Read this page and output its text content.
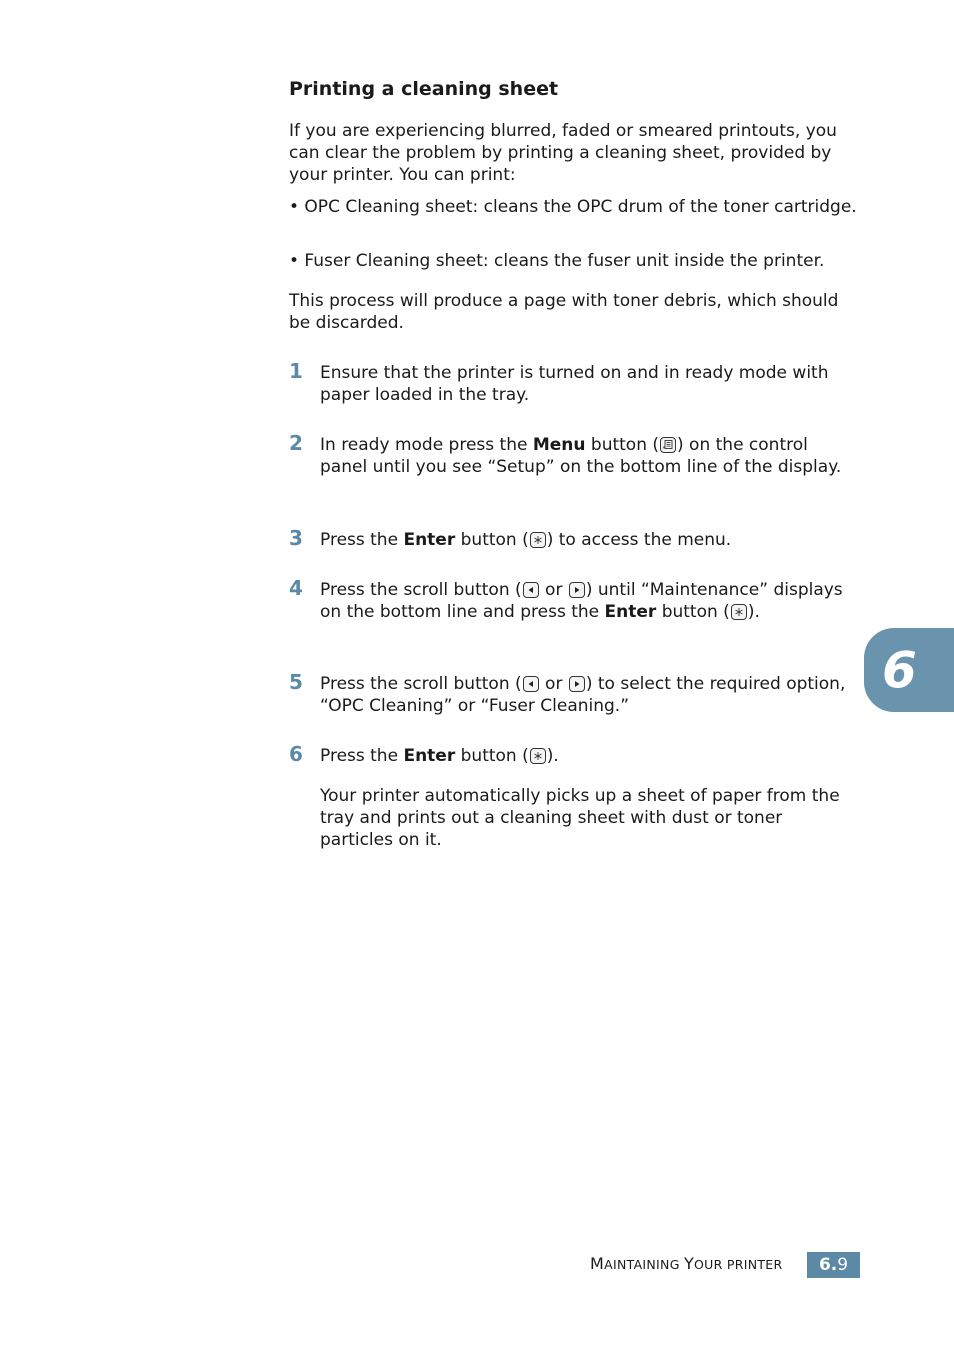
Printing a cleaning sheet

If you are experiencing blurred, faded or smeared printouts, you can clear the problem by printing a cleaning sheet, provided by your printer. You can print:

• OPC Cleaning sheet: cleans the OPC drum of the toner cartridge.

• Fuser Cleaning sheet: cleans the fuser unit inside the printer.

This process will produce a page with toner debris, which should be discarded.

1 Ensure that the printer is turned on and in ready mode with paper loaded in the tray.

2 In ready mode press the Menu button ( * ) on the control panel until you see “Setup” on the bottom line of the display.

3 Press the Enter button ( ) to access the menu.

4 Press the scroll button (
or
) until “Maintenance” displays on the bottom line and press the Enter button ( ).

5 Press the scroll button (
or
) to select the required option, “OPC Cleaning” or “Fuser Cleaning.”

6 Press the Enter button ( ).

Your printer automatically picks up a sheet of paper from the tray and prints out a cleaning sheet with dust or toner particles on it.

6
MAINTAINING YOUR PRINTER	6.9
